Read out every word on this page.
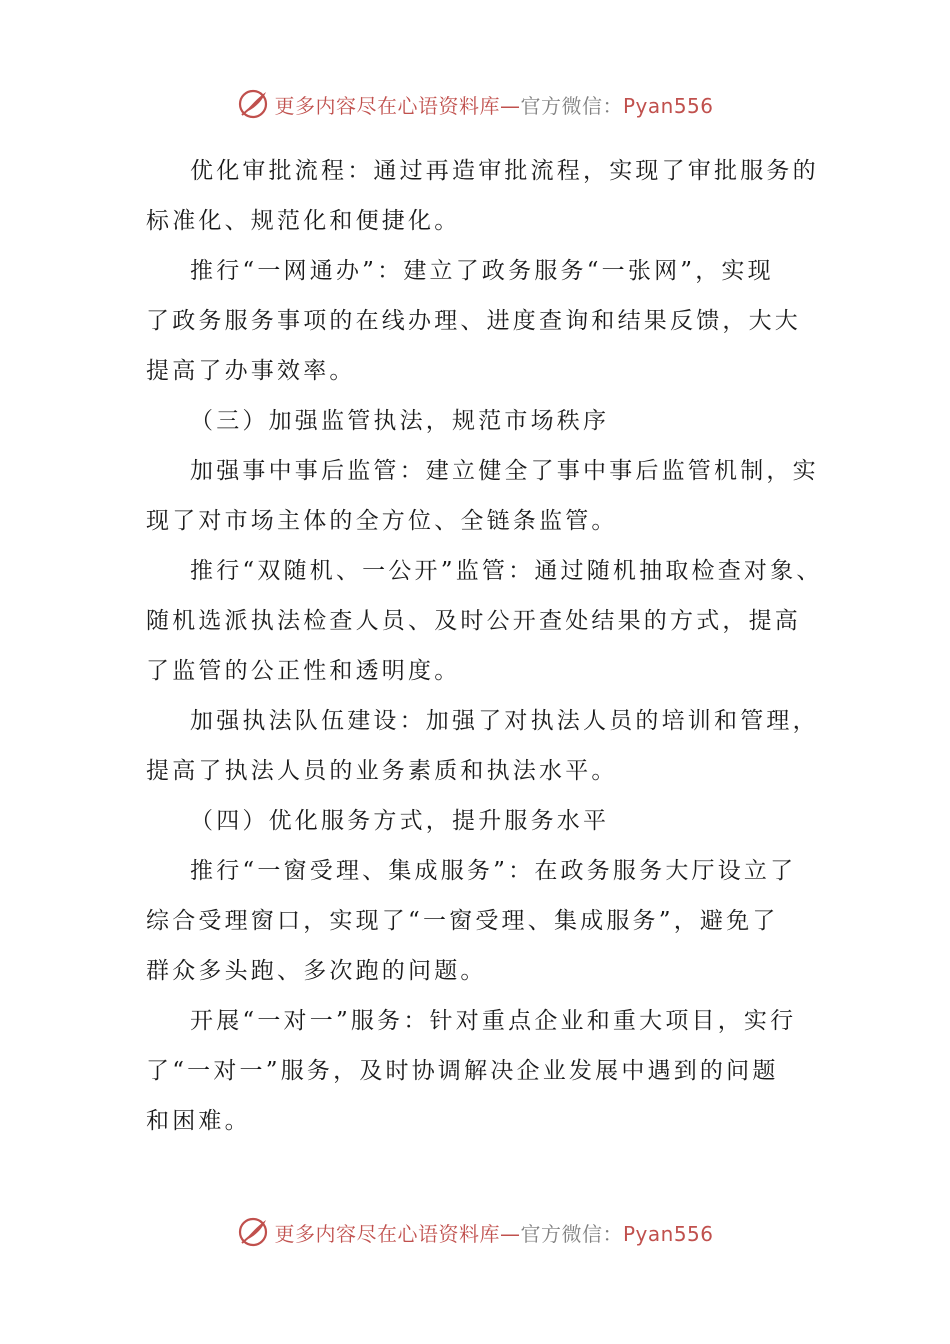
更多内容尽在心语资料库—官方微信：Pyan556

优化审批流程：通过再造审批流程，实现了审批服务的
标准化、规范化和便捷化。

推行“一网通办”：建立了政务服务“一张网”，实现
了政务服务事项的在线办理、进度查询和结果反馈，大大
提高了办事效率。

（三）加强监管执法，规范市场秩序

加强事中事后监管：建立健全了事中事后监管机制，实
现了对市场主体的全方位、全链条监管。

推行“双随机、一公开”监管：通过随机抽取检查对象、
随机选派执法检查人员、及时公开查处结果的方式，提高
了监管的公正性和透明度。

加强执法队伍建设：加强了对执法人员的培训和管理，
提高了执法人员的业务素质和执法水平。

（四）优化服务方式，提升服务水平

推行“一窗受理、集成服务”：在政务服务大厅设立了
综合受理窗口，实现了“一窗受理、集成服务”，避免了
群众多头跑、多次跑的问题。

开展“一对一”服务：针对重点企业和重大项目，实行
了“一对一”服务，及时协调解决企业发展中遇到的问题
和困难。

更多内容尽在心语资料库—官方微信：Pyan556
